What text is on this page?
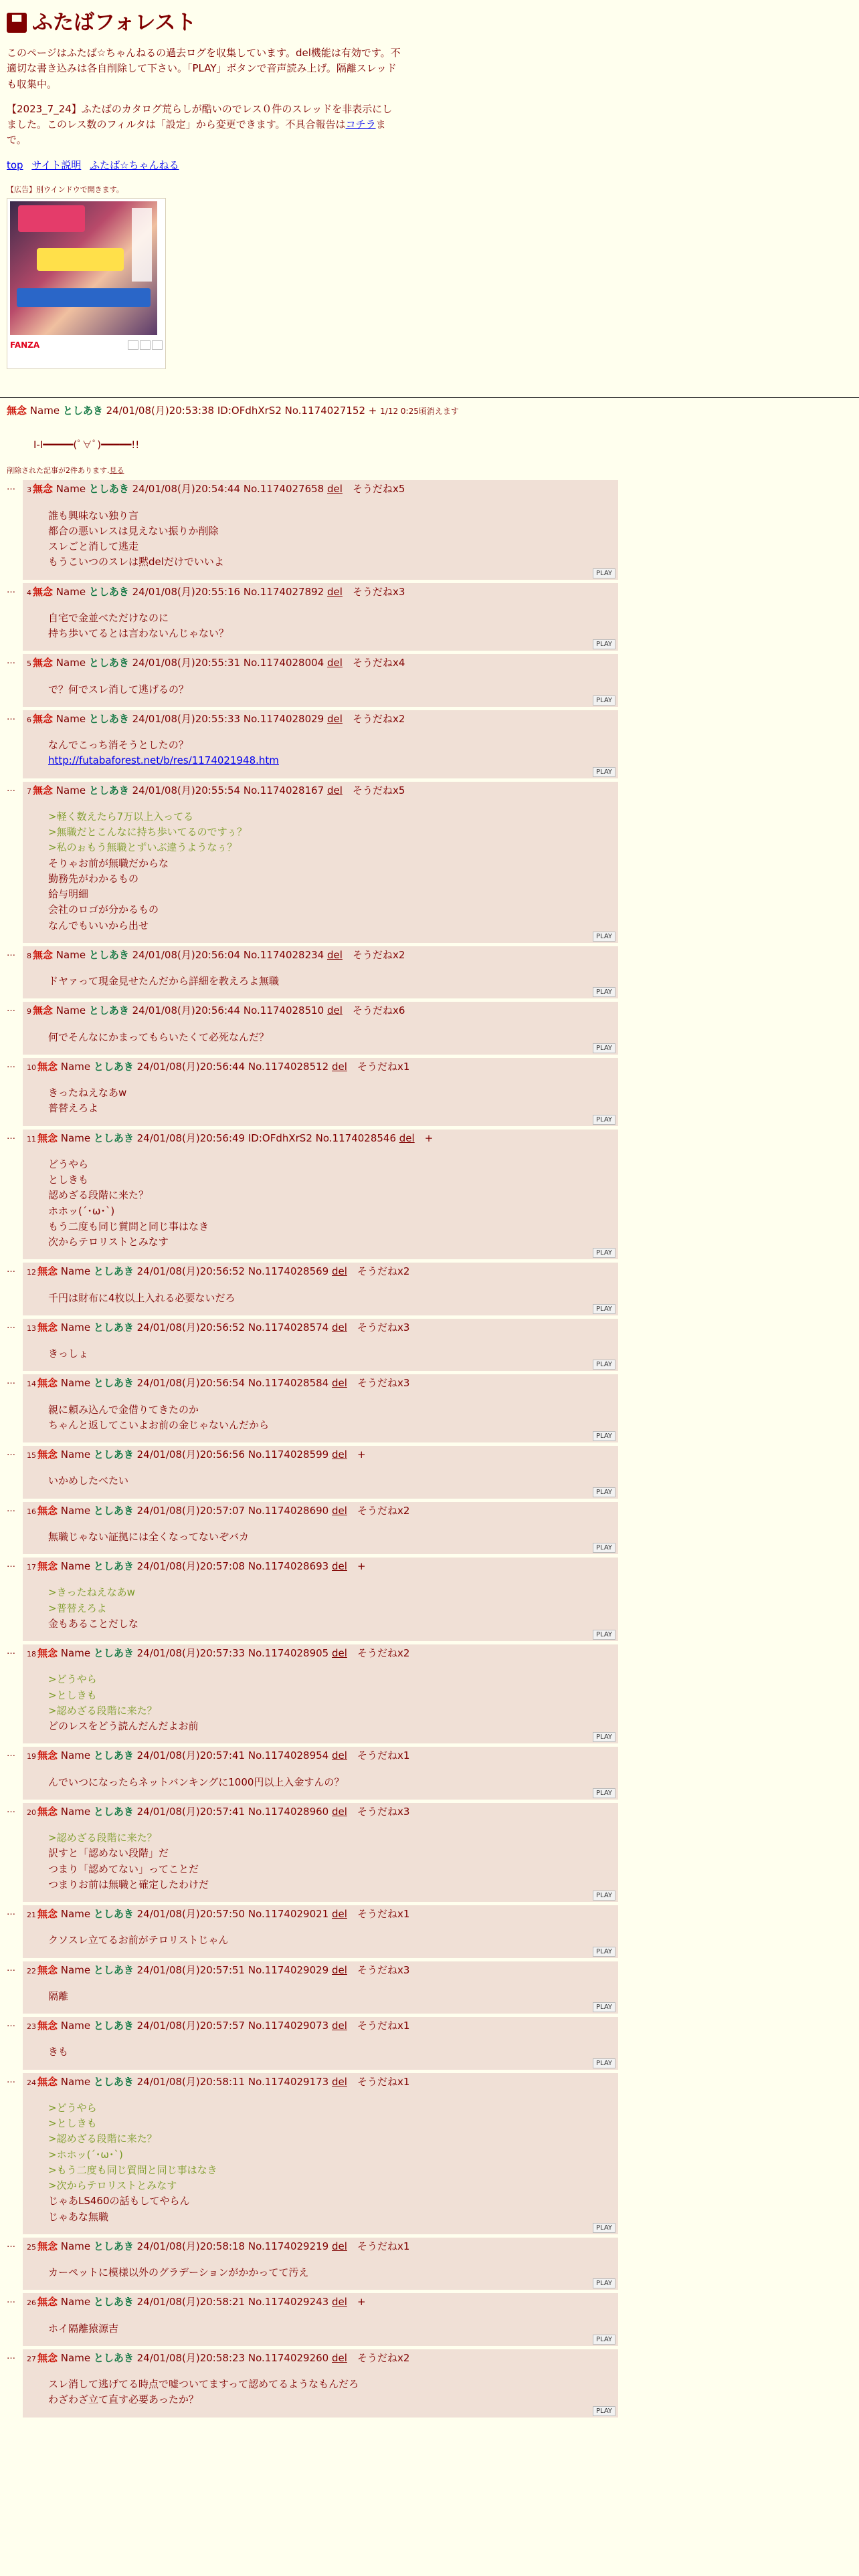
▀ ふたばフォレスト

このページはふたば☆ちゃんねるの過去ログを収集しています。del機能は有効です。不適切な書き込みは各自削除して下さい。「PLAY」ボタンで音声読み上げ。隔離スレッドも収集中。

【2023_7_24】ふたばのカタログ荒らしが酷いのでレス０件のスレッドを非表示にしました。このレス数のフィルタは「設定」から変更できます。不具合報告はコチラまで。

top サイト説明 ふたば☆ちゃんねる
【広告】別ウインドウで開きます。
FANZA
無念 Name としあき 24/01/08(月)20:53:38 ID:OFdhXrS2 No.1174027152 + 1/12 0:25頃消えます
I-I━━━━━(ﾟ∀ﾟ)━━━━━!!
削除された記事が2件あります.見る
…	3 無念 Name としあき 24/01/08(月)20:54:44 No.1174027658 del　 そうだねx5
誰も興味ない独り言
都合の悪いレスは見えない振りか削除
スレごと消して逃走
もうこいつのスレは黙delだけでいいよ

PLAY
…	4 無念 Name としあき 24/01/08(月)20:55:16 No.1174027892 del　 そうだねx3
自宅で金並べただけなのに
持ち歩いてるとは言わないんじゃない？

PLAY
…	5 無念 Name としあき 24/01/08(月)20:55:31 No.1174028004 del　 そうだねx4
で？何でスレ消して逃げるの？

PLAY
…	6 無念 Name としあき 24/01/08(月)20:55:33 No.1174028029 del　 そうだねx2
なんでこっち消そうとしたの？
http://futabaforest.net/b/res/1174021948.htm

PLAY
…	7 無念 Name としあき 24/01/08(月)20:55:54 No.1174028167 del　 そうだねx5
>軽く数えたら7万以上入ってる
>無職だとこんなに持ち歩いてるのですぅ？
>私のぉもう無職とずいぶ違うようなぅ？
そりゃお前が無職だからな
勤務先がわかるもの
給与明細
会社のロゴが分かるもの
なんでもいいから出せ

PLAY
…	8 無念 Name としあき 24/01/08(月)20:56:04 No.1174028234 del　 そうだねx2
ドヤァって現金見せたんだから詳細を教えろよ無職

PLAY
…	9 無念 Name としあき 24/01/08(月)20:56:44 No.1174028510 del　 そうだねx6
何でそんなにかまってもらいたくて必死なんだ？

PLAY
…	10 無念 Name としあき 24/01/08(月)20:56:44 No.1174028512 del　 そうだねx1
きったねえなあw
普替えろよ

PLAY
…	11 無念 Name としあき 24/01/08(月)20:56:49 ID:OFdhXrS2 No.1174028546 del　 +
どうやら
としきも
認めざる段階に来た？
ホホッ(´･ω･`)
もう二度も同じ質問と同じ事はなき
次からテロリストとみなす

PLAY
…	12 無念 Name としあき 24/01/08(月)20:56:52 No.1174028569 del　 そうだねx2
千円は財布に4枚以上入れる必要ないだろ

PLAY
…	13 無念 Name としあき 24/01/08(月)20:56:52 No.1174028574 del　 そうだねx3
きっしょ

PLAY
…	14 無念 Name としあき 24/01/08(月)20:56:54 No.1174028584 del　 そうだねx3
親に頼み込んで金借りてきたのか
ちゃんと返してこいよお前の金じゃないんだから

PLAY
…	15 無念 Name としあき 24/01/08(月)20:56:56 No.1174028599 del　 +
いかめしたべたい

PLAY
…	16 無念 Name としあき 24/01/08(月)20:57:07 No.1174028690 del　 そうだねx2
無職じゃない証拠には全くなってないぞバカ

PLAY
…	17 無念 Name としあき 24/01/08(月)20:57:08 No.1174028693 del　 +
>きったねえなあw
>普替えろよ
金もあることだしな

PLAY
…	18 無念 Name としあき 24/01/08(月)20:57:33 No.1174028905 del　 そうだねx2
>どうやら
>としきも
>認めざる段階に来た？
どのレスをどう読んだんだよお前

PLAY
…	19 無念 Name としあき 24/01/08(月)20:57:41 No.1174028954 del　 そうだねx1
んでいつになったらネットバンキングに1000円以上入金すんの？

PLAY
…	20 無念 Name としあき 24/01/08(月)20:57:41 No.1174028960 del　 そうだねx3
>認めざる段階に来た？
訳すと「認めない段階」だ
つまり「認めてない」ってことだ
つまりお前は無職と確定したわけだ

PLAY
…	21 無念 Name としあき 24/01/08(月)20:57:50 No.1174029021 del　 そうだねx1
クソスレ立てるお前がテロリストじゃん

PLAY
…	22 無念 Name としあき 24/01/08(月)20:57:51 No.1174029029 del　 そうだねx3
隔離

PLAY
…	23 無念 Name としあき 24/01/08(月)20:57:57 No.1174029073 del　 そうだねx1
きも

PLAY
…	24 無念 Name としあき 24/01/08(月)20:58:11 No.1174029173 del　 そうだねx1
>どうやら
>としきも
>認めざる段階に来た？
>ホホッ(´･ω･`)
>もう二度も同じ質問と同じ事はなき
>次からテロリストとみなす
じゃあLS460の話もしてやらん
じゃあな無職

PLAY
…	25 無念 Name としあき 24/01/08(月)20:58:18 No.1174029219 del　 そうだねx1
カーペットに模様以外のグラデーションがかかってて汚え

PLAY
…	26 無念 Name としあき 24/01/08(月)20:58:21 No.1174029243 del　 +
ホイ隔離猿源吉

PLAY
…	27 無念 Name としあき 24/01/08(月)20:58:23 No.1174029260 del　 そうだねx2
スレ消して逃げてる時点で嘘ついてますって認めてるようなもんだろ
わざわざ立て直す必要あったか？

PLAY
